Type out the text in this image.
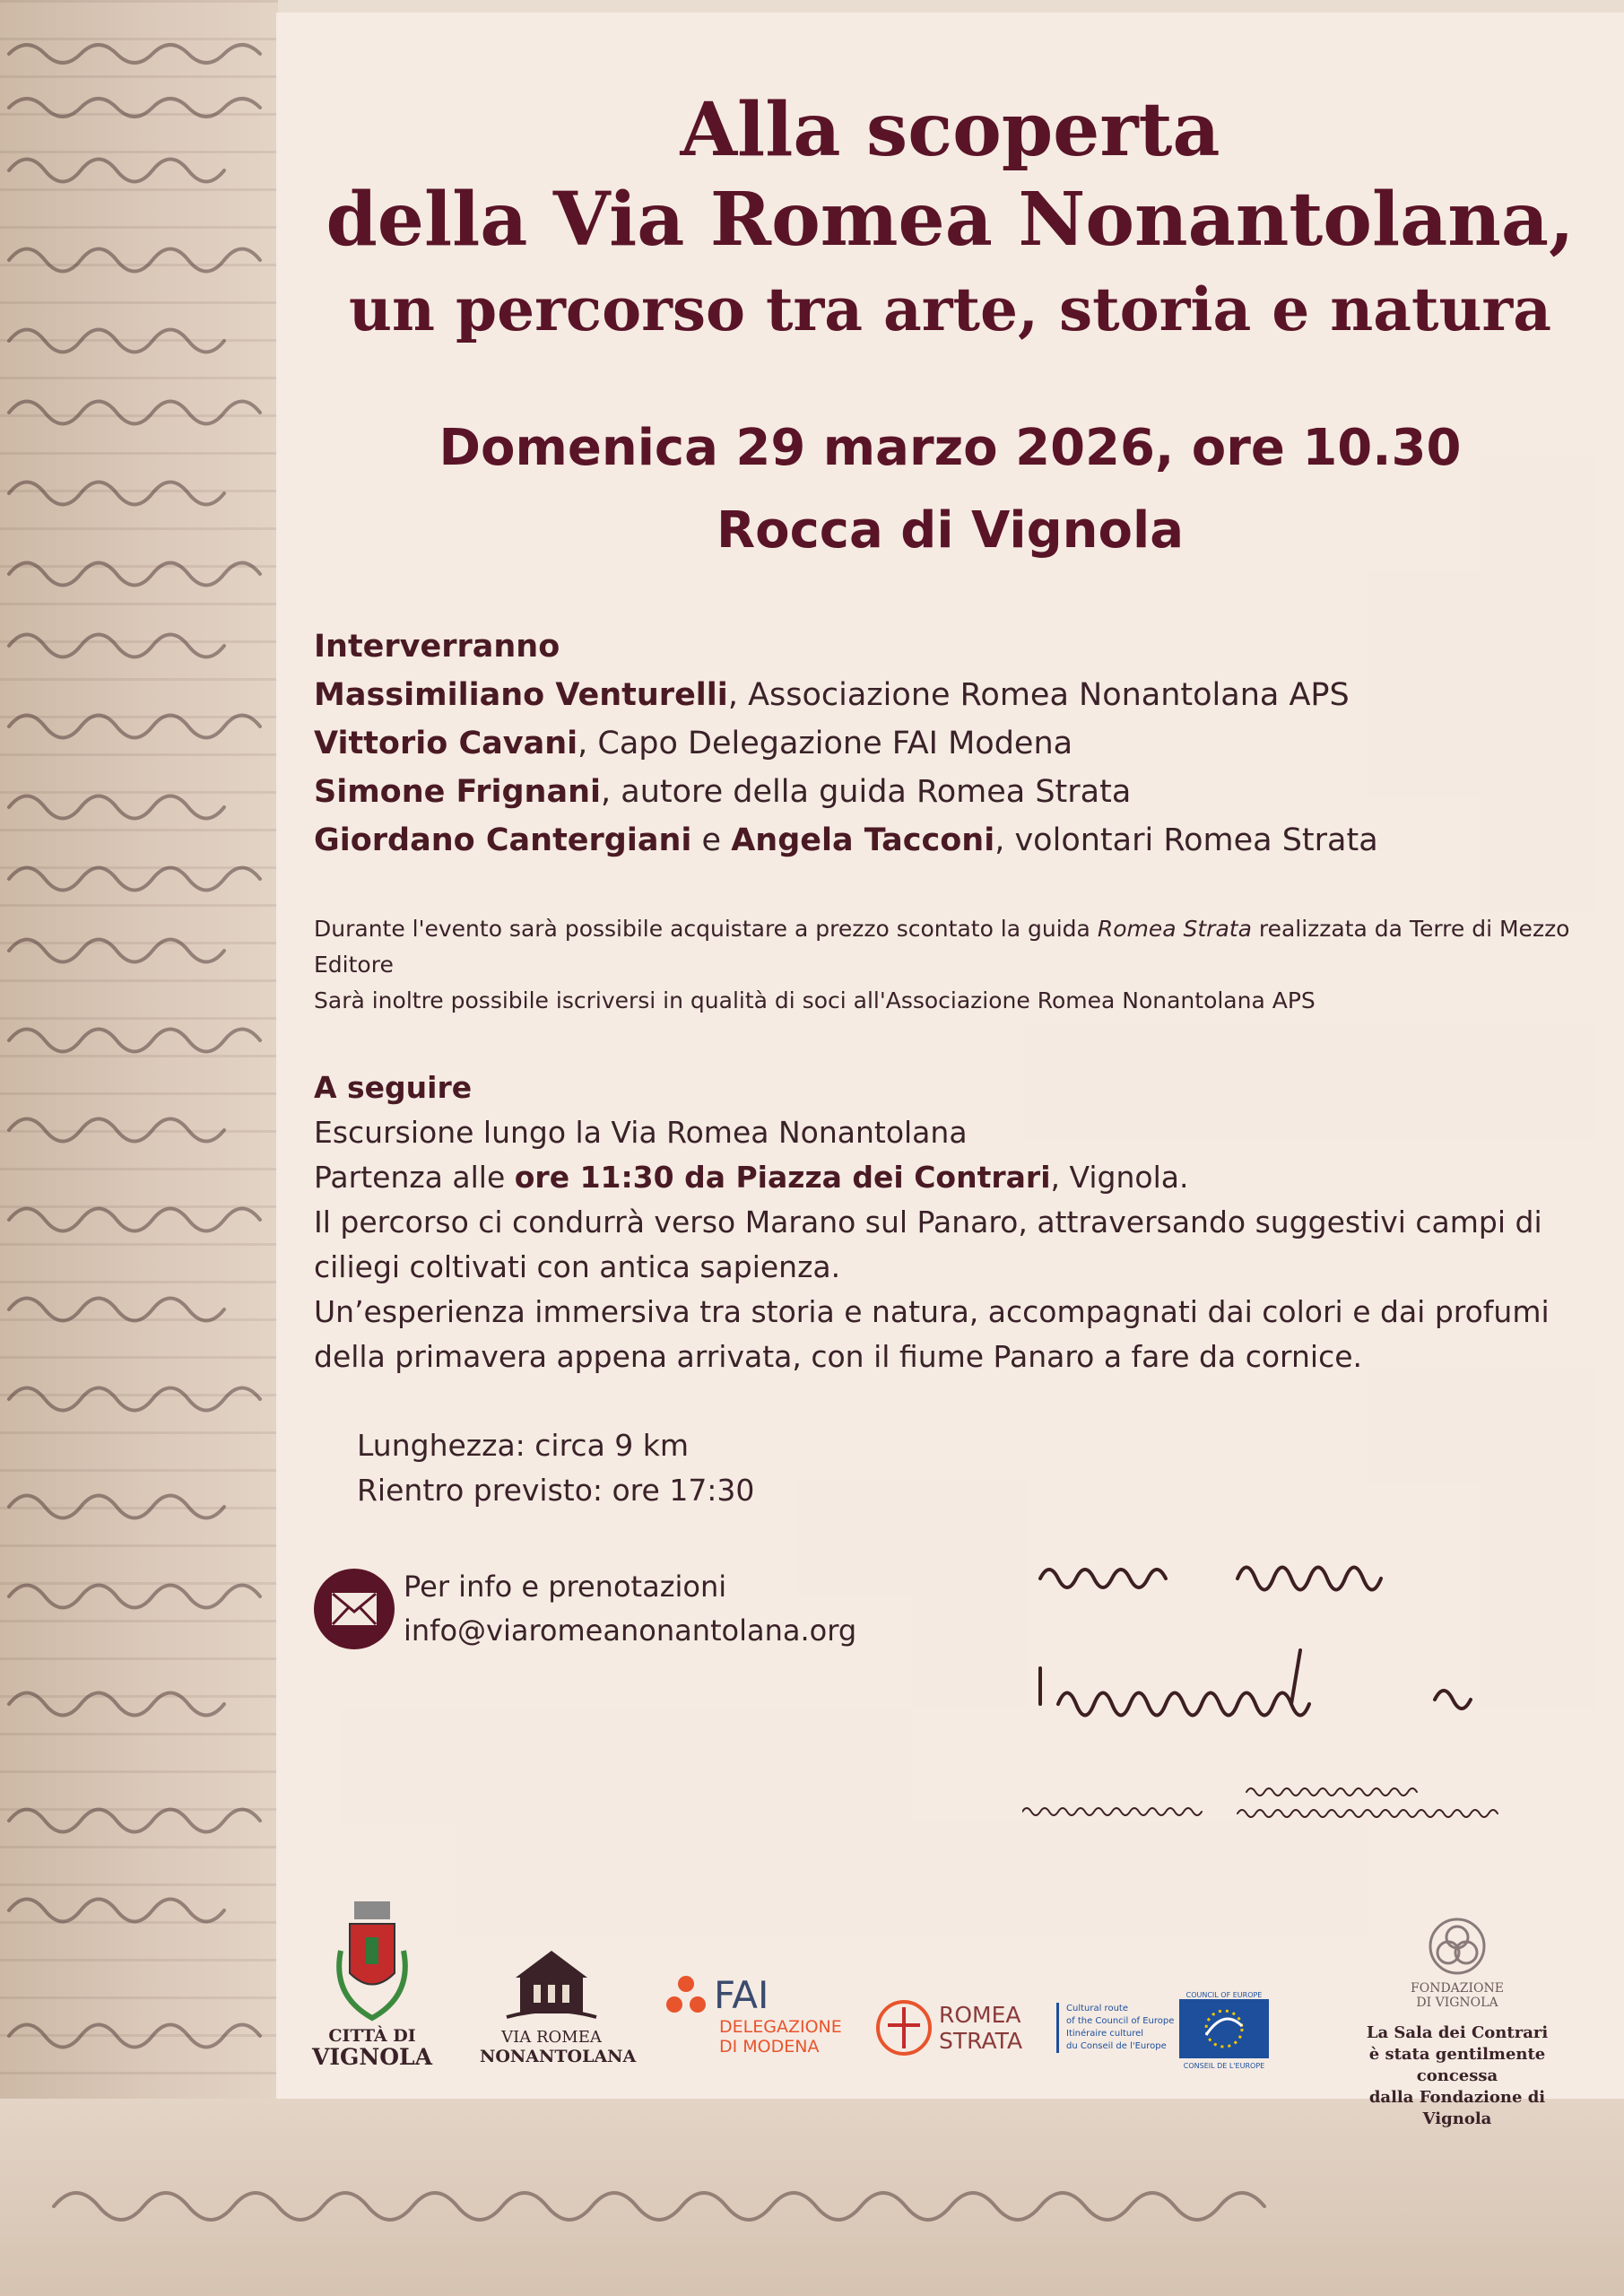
Alla scoperta
della Via Romea Nonantolana,
un percorso tra arte, storia e natura
Domenica 29 marzo 2026, ore 10.30
Rocca di Vignola
Interverranno
Massimiliano Venturelli, Associazione Romea Nonantolana APS
Vittorio Cavani, Capo Delegazione FAI Modena
Simone Frignani, autore della guida Romea Strata
Giordano Cantergiani e Angela Tacconi, volontari Romea Strata
Durante l'evento sarà possibile acquistare a prezzo scontato la guida Romea Strata realizzata da Terre di Mezzo Editore
Sarà inoltre possibile iscriversi in qualità di soci all'Associazione Romea Nonantolana APS
A seguire
Escursione lungo la Via Romea Nonantolana
Partenza alle ore 11:30 da Piazza dei Contrari, Vignola.
Il percorso ci condurrà verso Marano sul Panaro, attraversando suggestivi campi di ciliegi coltivati con antica sapienza.
Un’esperienza immersiva tra storia e natura, accompagnati dai colori e dai profumi della primavera appena arrivata, con il fiume Panaro a fare da cornice.
Lunghezza: circa 9 km
Rientro previsto: ore 17:30
Per info e prenotazioni
info@viaromeanonantolana.org
CITTÀ DI
VIGNOLA
VIA ROMEA
NONANTOLANA
FAI
DELEGAZIONE
DI MODENA
ROMEA
STRATA
Cultural route
of the Council of Europe
Itinéraire culturel
du Conseil de l'Europe
COUNCIL OF EUROPE
CONSEIL DE L'EUROPE
FONDAZIONE
DI VIGNOLA
La Sala dei Contrari
è stata gentilmente concessa
dalla Fondazione di Vignola
